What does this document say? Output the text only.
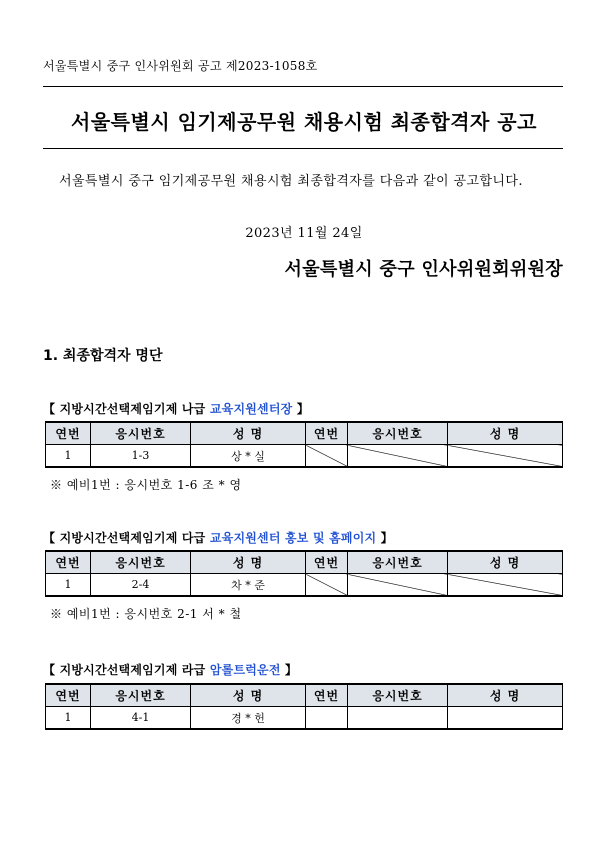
서울특별시 중구 인사위원회 공고 제2023-1058호
서울특별시 임기제공무원 채용시험 최종합격자 공고
서울특별시 중구 임기제공무원 채용시험 최종합격자를 다음과 같이 공고합니다.
2023년 11월 24일
서울특별시 중구 인사위원회위원장
1. 최종합격자 명단
【 지방시간선택제임기제 나급 교육지원센터장 】
연번	응시번호	성 명	연번	응시번호	성 명
1	1-3	상 * 실			
※ 예비1번 : 응시번호 1-6 조 * 영
【 지방시간선택제임기제 다급 교육지원센터 홍보 및 홈페이지 】
연번	응시번호	성 명	연번	응시번호	성 명
1	2-4	차 * 준			
※ 예비1번 : 응시번호 2-1 서 * 철
【 지방시간선택제임기제 라급 암롤트럭운전 】
연번	응시번호	성 명	연번	응시번호	성 명
1	4-1	경 * 헌			
